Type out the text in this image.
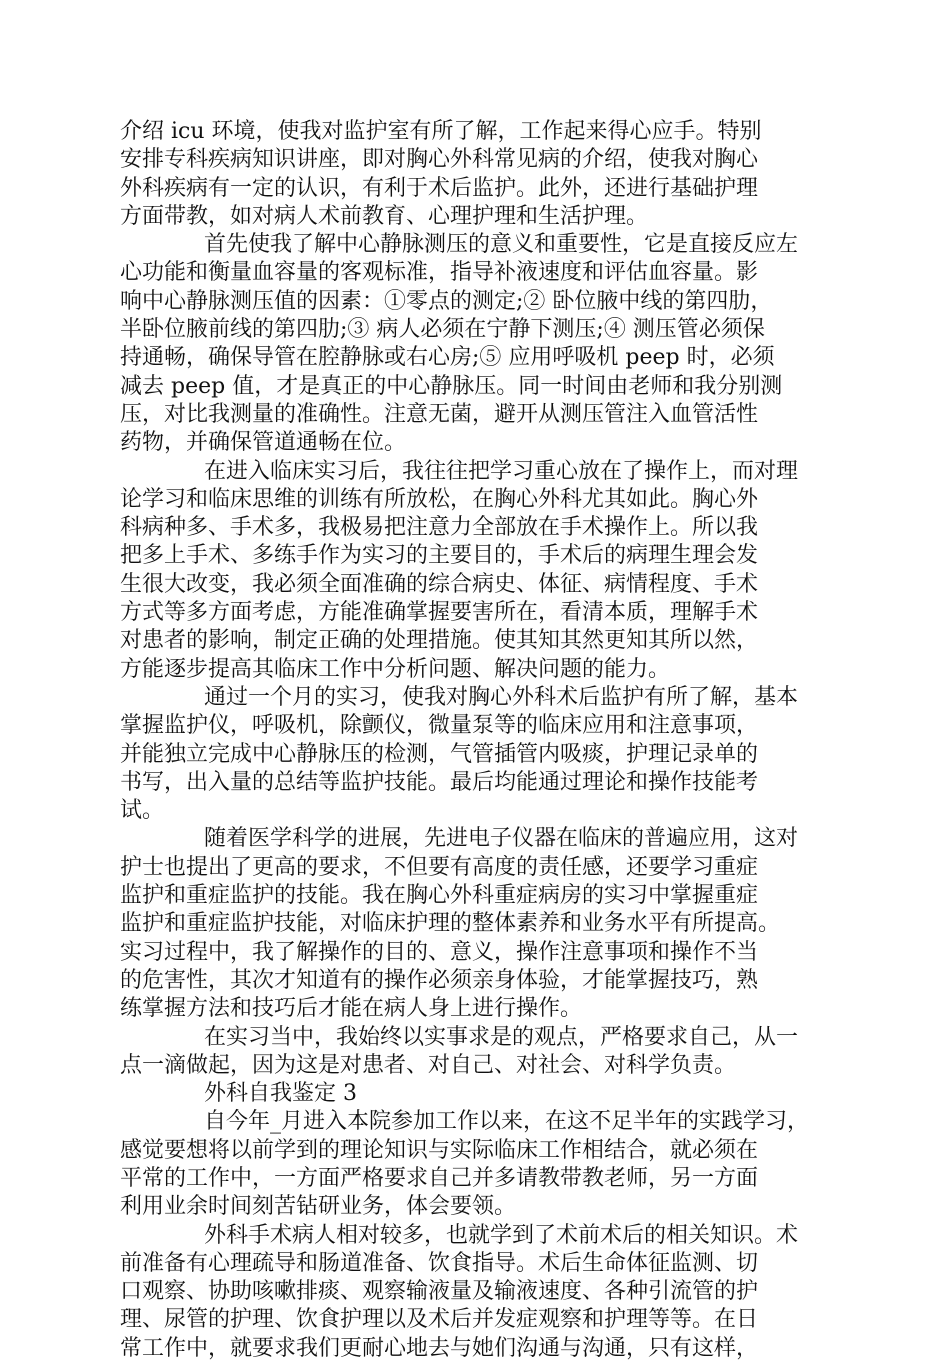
介绍 icu 环境，使我对监护室有所了解，工作起来得心应手。特别
安排专科疾病知识讲座，即对胸心外科常见病的介绍，使我对胸心
外科疾病有一定的认识，有利于术后监护。此外，还进行基础护理
方面带教，如对病人术前教育、心理护理和生活护理。
首先使我了解中心静脉测压的意义和重要性，它是直接反应左
心功能和衡量血容量的客观标准，指导补液速度和评估血容量。影
响中心静脉测压值的因素：①零点的测定;② 卧位腋中线的第四肋，
半卧位腋前线的第四肋;③ 病人必须在宁静下测压;④ 测压管必须保
持通畅，确保导管在腔静脉或右心房;⑤ 应用呼吸机 peep 时，必须
减去 peep 值，才是真正的中心静脉压。同一时间由老师和我分别测
压，对比我测量的准确性。注意无菌，避开从测压管注入血管活性
药物，并确保管道通畅在位。
在进入临床实习后，我往往把学习重心放在了操作上，而对理
论学习和临床思维的训练有所放松，在胸心外科尤其如此。胸心外
科病种多、手术多，我极易把注意力全部放在手术操作上。所以我
把多上手术、多练手作为实习的主要目的，手术后的病理生理会发
生很大改变，我必须全面准确的综合病史、体征、病情程度、手术
方式等多方面考虑，方能准确掌握要害所在，看清本质，理解手术
对患者的影响，制定正确的处理措施。使其知其然更知其所以然，
方能逐步提高其临床工作中分析问题、解决问题的能力。
通过一个月的实习，使我对胸心外科术后监护有所了解，基本
掌握监护仪，呼吸机，除颤仪，微量泵等的临床应用和注意事项，
并能独立完成中心静脉压的检测，气管插管内吸痰，护理记录单的
书写，出入量的总结等监护技能。最后均能通过理论和操作技能考
试。
随着医学科学的进展，先进电子仪器在临床的普遍应用，这对
护士也提出了更高的要求，不但要有高度的责任感，还要学习重症
监护和重症监护的技能。我在胸心外科重症病房的实习中掌握重症
监护和重症监护技能，对临床护理的整体素养和业务水平有所提高。
实习过程中，我了解操作的目的、意义，操作注意事项和操作不当
的危害性，其次才知道有的操作必须亲身体验，才能掌握技巧，熟
练掌握方法和技巧后才能在病人身上进行操作。
在实习当中，我始终以实事求是的观点，严格要求自己，从一
点一滴做起，因为这是对患者、对自己、对社会、对科学负责。
外科自我鉴定 3
自今年_月进入本院参加工作以来，在这不足半年的实践学习，
感觉要想将以前学到的理论知识与实际临床工作相结合，就必须在
平常的工作中，一方面严格要求自己并多请教带教老师，另一方面
利用业余时间刻苦钻研业务，体会要领。
外科手术病人相对较多，也就学到了术前术后的相关知识。术
前准备有心理疏导和肠道准备、饮食指导。术后生命体征监测、切
口观察、协助咳嗽排痰、观察输液量及输液速度、各种引流管的护
理、尿管的护理、饮食护理以及术后并发症观察和护理等等。在日
常工作中，就要求我们更耐心地去与她们沟通与沟通，只有这样，
